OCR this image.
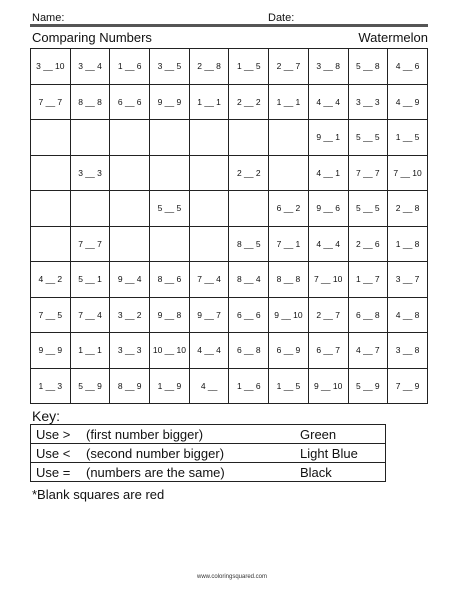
Name:	Date:
Comparing Numbers	Watermelon
3 __ 10	3 __ 4	1 __ 6	3 __ 5	2 __ 8	1 __ 5	2 __ 7	3 __ 8	5 __ 8	4 __ 6
7 __ 7	8 __ 8	6 __ 6	9 __ 9	1 __ 1	2 __ 2	1 __ 1	4 __ 4	3 __ 3	4 __ 9
							9 __ 1	5 __ 5	1 __ 5
	3 __ 3				2 __ 2		4 __ 1	7 __ 7	7 __ 10
			5 __ 5			6 __ 2	9 __ 6	5 __ 5	2 __ 8
	7 __ 7				8 __ 5	7 __ 1	4 __ 4	2 __ 6	1 __ 8
4 __ 2	5 __ 1	9 __ 4	8 __ 6	7 __ 4	8 __ 4	8 __ 8	7 __ 10	1 __ 7	3 __ 7
7 __ 5	7 __ 4	3 __ 2	9 __ 8	9 __ 7	6 __ 6	9 __ 10	2 __ 7	6 __ 8	4 __ 8
9 __ 9	1 __ 1	3 __ 3	10 __ 10	4 __ 4	6 __ 8	6 __ 9	6 __ 7	4 __ 7	3 __ 8
1 __ 3	5 __ 9	8 __ 9	1 __ 9	4 __	1 __ 6	1 __ 5	9 __ 10	5 __ 9	7 __ 9
Key:
Use >	(first number bigger)	Green
Use <	(second number bigger)	Light Blue
Use =	(numbers are the same)	Black
*Blank squares are red
www.coloringsquared.com
